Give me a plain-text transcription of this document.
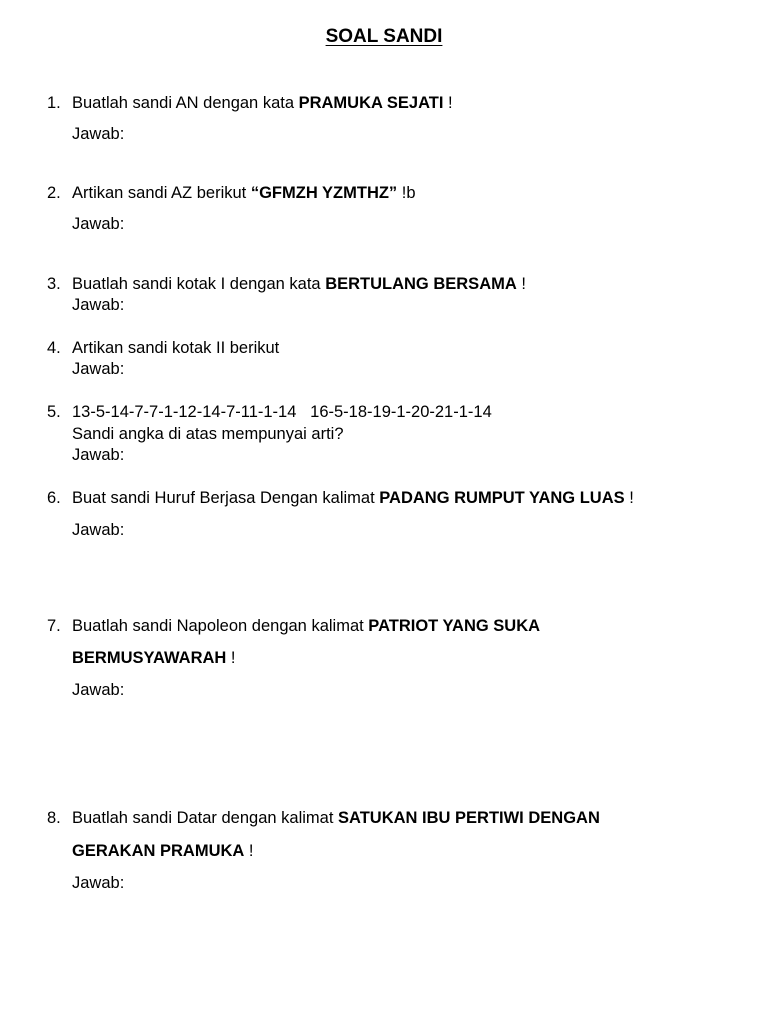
SOAL SANDI
1. Buatlah sandi AN dengan kata PRAMUKA SEJATI !
Jawab:
2. Artikan sandi AZ berikut “GFMZH YZMTHZ” !b
Jawab:
3. Buatlah sandi kotak I dengan kata BERTULANG BERSAMA !
Jawab:
4. Artikan sandi kotak II berikut
Jawab:
5. 13-5-14-7-7-1-12-14-7-11-1-14   16-5-18-19-1-20-21-1-14
Sandi angka di atas mempunyai arti?
Jawab:
6. Buat sandi Huruf Berjasa Dengan kalimat PADANG RUMPUT YANG LUAS !
Jawab:
7. Buatlah sandi Napoleon dengan kalimat PATRIOT YANG SUKA
BERMUSYAWARAH !
Jawab:
8. Buatlah sandi Datar dengan kalimat SATUKAN IBU PERTIWI DENGAN
GERAKAN PRAMUKA !
Jawab:
